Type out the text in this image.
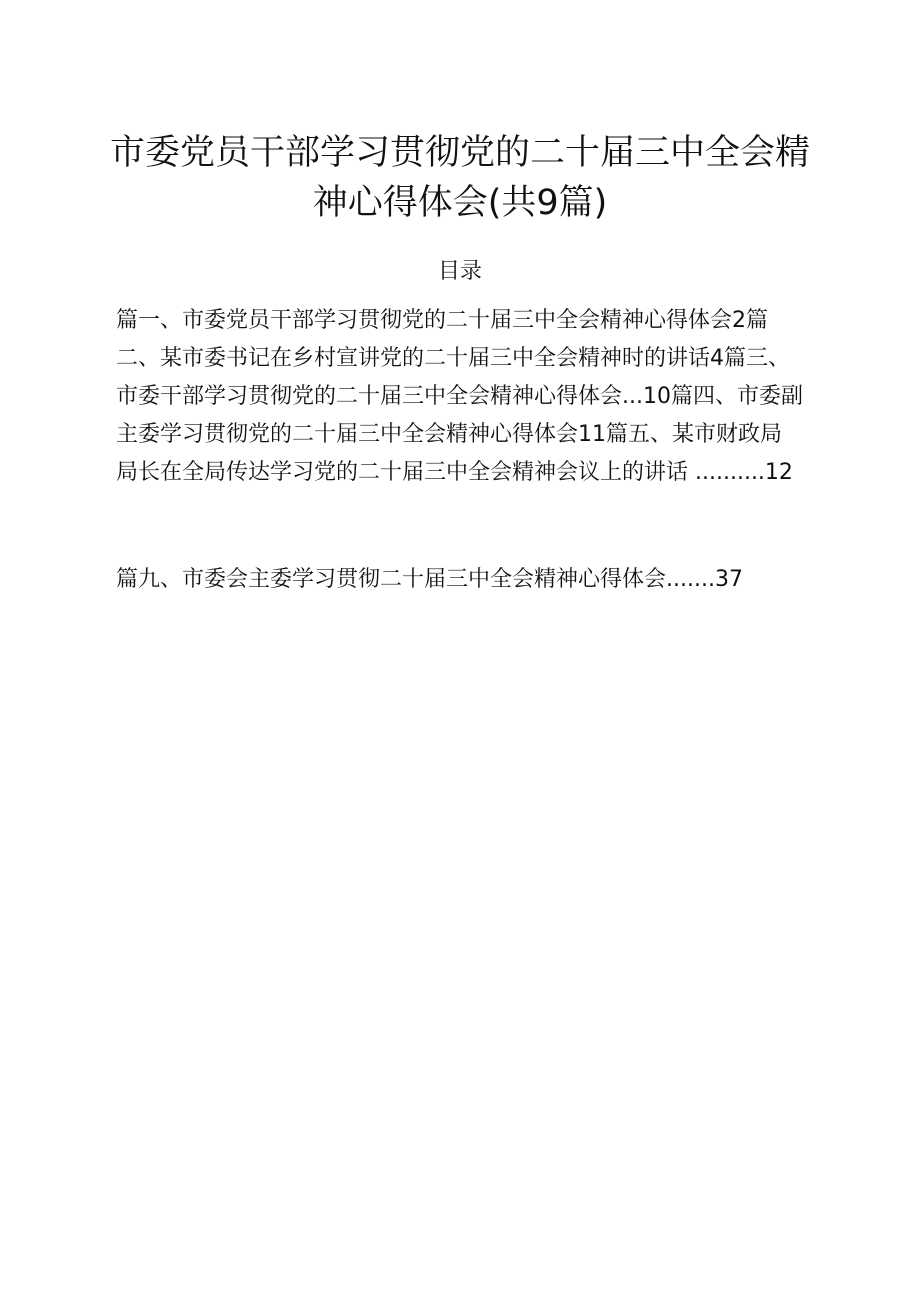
市委党员干部学习贯彻党的二十届三中全会精
神心得体会(共9篇)
目录
篇一、市委党员干部学习贯彻党的二十届三中全会精神心得体会2篇
二、某市委书记在乡村宣讲党的二十届三中全会精神时的讲话4篇三、
市委干部学习贯彻党的二十届三中全会精神心得体会...10篇四、市委副
主委学习贯彻党的二十届三中全会精神心得体会11篇五、某市财政局
局长在全局传达学习党的二十届三中全会精神会议上的讲话 ..........12
篇九、市委会主委学习贯彻二十届三中全会精神心得体会.......37
